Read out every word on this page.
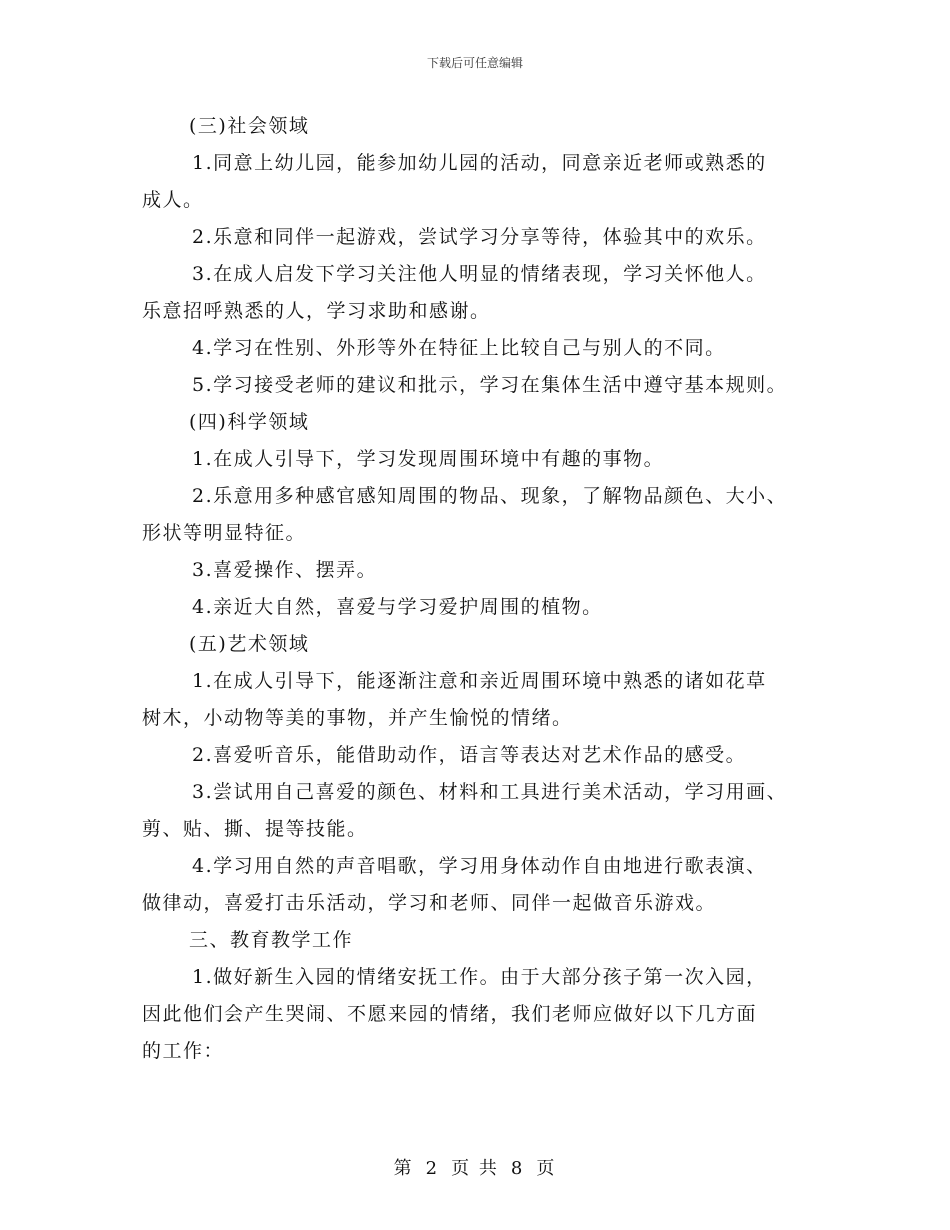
下载后可任意编辑
(三)社会领域
1.同意上幼儿园，能参加幼儿园的活动，同意亲近老师或熟悉的
成人。
2.乐意和同伴一起游戏，尝试学习分享等待，体验其中的欢乐。
3.在成人启发下学习关注他人明显的情绪表现，学习关怀他人。
乐意招呼熟悉的人，学习求助和感谢。
4.学习在性别、外形等外在特征上比较自己与别人的不同。
5.学习接受老师的建议和批示，学习在集体生活中遵守基本规则。
(四)科学领域
1.在成人引导下，学习发现周围环境中有趣的事物。
2.乐意用多种感官感知周围的物品、现象，了解物品颜色、大小、
形状等明显特征。
3.喜爱操作、摆弄。
4.亲近大自然，喜爱与学习爱护周围的植物。
(五)艺术领域
1.在成人引导下，能逐渐注意和亲近周围环境中熟悉的诸如花草
树木，小动物等美的事物，并产生愉悦的情绪。
2.喜爱听音乐，能借助动作，语言等表达对艺术作品的感受。
3.尝试用自己喜爱的颜色、材料和工具进行美术活动，学习用画、
剪、贴、撕、提等技能。
4.学习用自然的声音唱歌，学习用身体动作自由地进行歌表演、
做律动，喜爱打击乐活动，学习和老师、同伴一起做音乐游戏。
三、教育教学工作
1.做好新生入园的情绪安抚工作。由于大部分孩子第一次入园，
因此他们会产生哭闹、不愿来园的情绪，我们老师应做好以下几方面
的工作：
第 2 页 共 8 页
